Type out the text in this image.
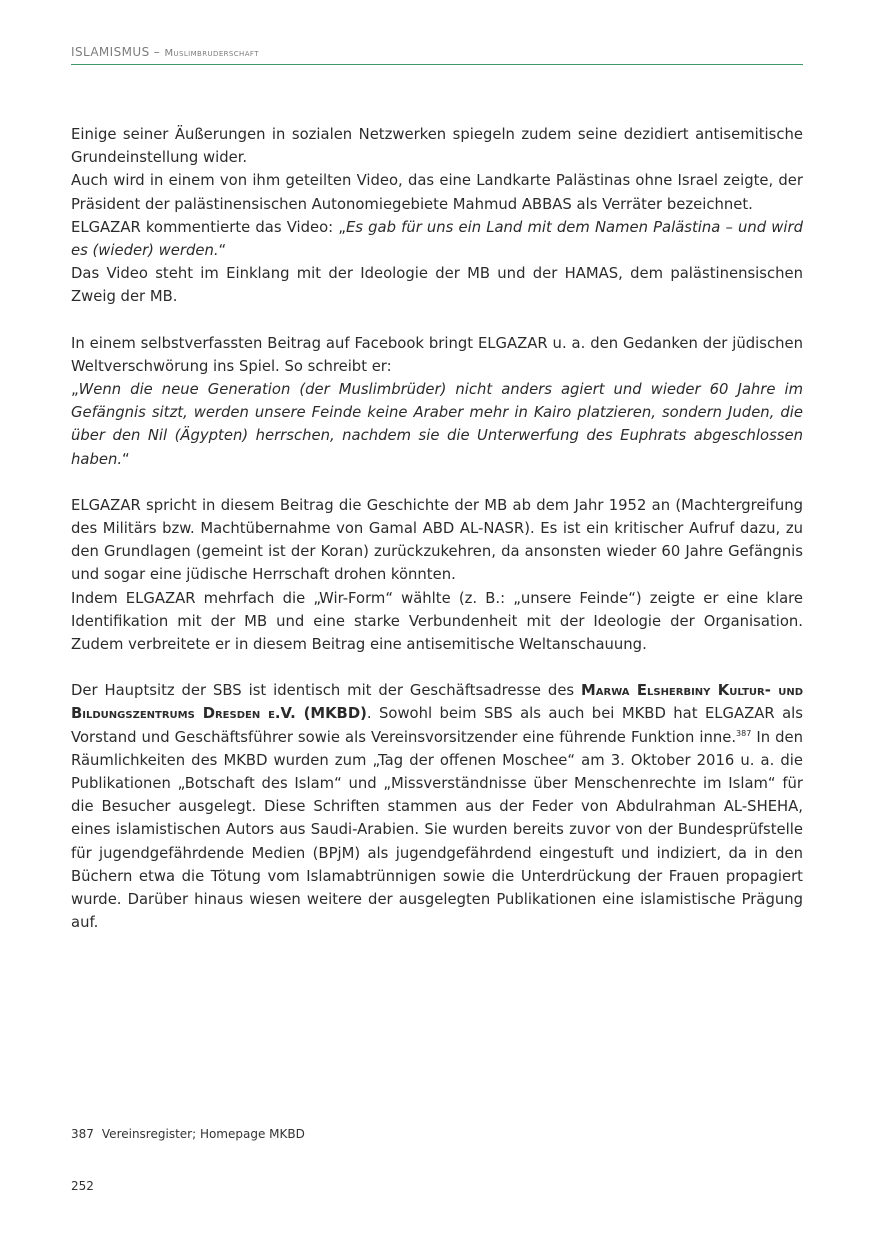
ISLAMISMUS – Muslimbruderschaft

Einige seiner Äußerungen in sozialen Netzwerken spiegeln zudem seine dezidiert antisemitische Grundeinstellung wider.

Auch wird in einem von ihm geteilten Video, das eine Landkarte Palästinas ohne Israel zeigte, der Präsident der palästinensischen Autonomiegebiete Mahmud ABBAS als Verräter bezeichnet.

ELGAZAR kommentierte das Video: „Es gab für uns ein Land mit dem Namen Palästina – und wird es (wieder) werden.“

Das Video steht im Einklang mit der Ideologie der MB und der HAMAS, dem palästinensischen Zweig der MB.

In einem selbstverfassten Beitrag auf Facebook bringt ELGAZAR u. a. den Gedanken der jüdischen Weltverschwörung ins Spiel. So schreibt er:

„Wenn die neue Generation (der Muslimbrüder) nicht anders agiert und wieder 60 Jahre im Gefängnis sitzt, werden unsere Feinde keine Araber mehr in Kairo platzieren, sondern Juden, die über den Nil (Ägypten) herrschen, nachdem sie die Unterwerfung des Euphrats abgeschlossen haben.“

ELGAZAR spricht in diesem Beitrag die Geschichte der MB ab dem Jahr 1952 an (Machtergreifung des Militärs bzw. Machtübernahme von Gamal ABD AL-NASR). Es ist ein kritischer Aufruf dazu, zu den Grundlagen (gemeint ist der Koran) zurückzukehren, da ansonsten wieder 60 Jahre Gefängnis und sogar eine jüdische Herrschaft drohen könnten.

Indem ELGAZAR mehrfach die „Wir-Form“ wählte (z. B.: „unsere Feinde“) zeigte er eine klare Identifikation mit der MB und eine starke Verbundenheit mit der Ideologie der Organisation. Zudem verbreitete er in diesem Beitrag eine antisemitische Weltanschauung.

Der Hauptsitz der SBS ist identisch mit der Geschäftsadresse des Marwa Elsherbiny Kultur- und Bildungszentrums Dresden e.V. (MKBD). Sowohl beim SBS als auch bei MKBD hat ELGAZAR als Vorstand und Geschäftsführer sowie als Vereinsvorsitzender eine führende Funktion inne.$^{387}$ In den Räumlichkeiten des MKBD wurden zum „Tag der offenen Moschee“ am 3. Oktober 2016 u. a. die Publikationen „Botschaft des Islam“ und „Missverständnisse über Menschenrechte im Islam“ für die Besucher ausgelegt. Diese Schriften stammen aus der Feder von Abdulrahman AL-SHEHA, eines islamistischen Autors aus Saudi-Arabien. Sie wurden bereits zuvor von der Bundesprüfstelle für jugendgefährdende Medien (BPjM) als jugendgefährdend eingestuft und indiziert, da in den Büchern etwa die Tötung vom Islamabtrünnigen sowie die Unterdrückung der Frauen propagiert wurde. Darüber hinaus wiesen weitere der ausgelegten Publikationen eine islamistische Prägung auf.

387 Vereinsregister; Homepage MKBD
252
